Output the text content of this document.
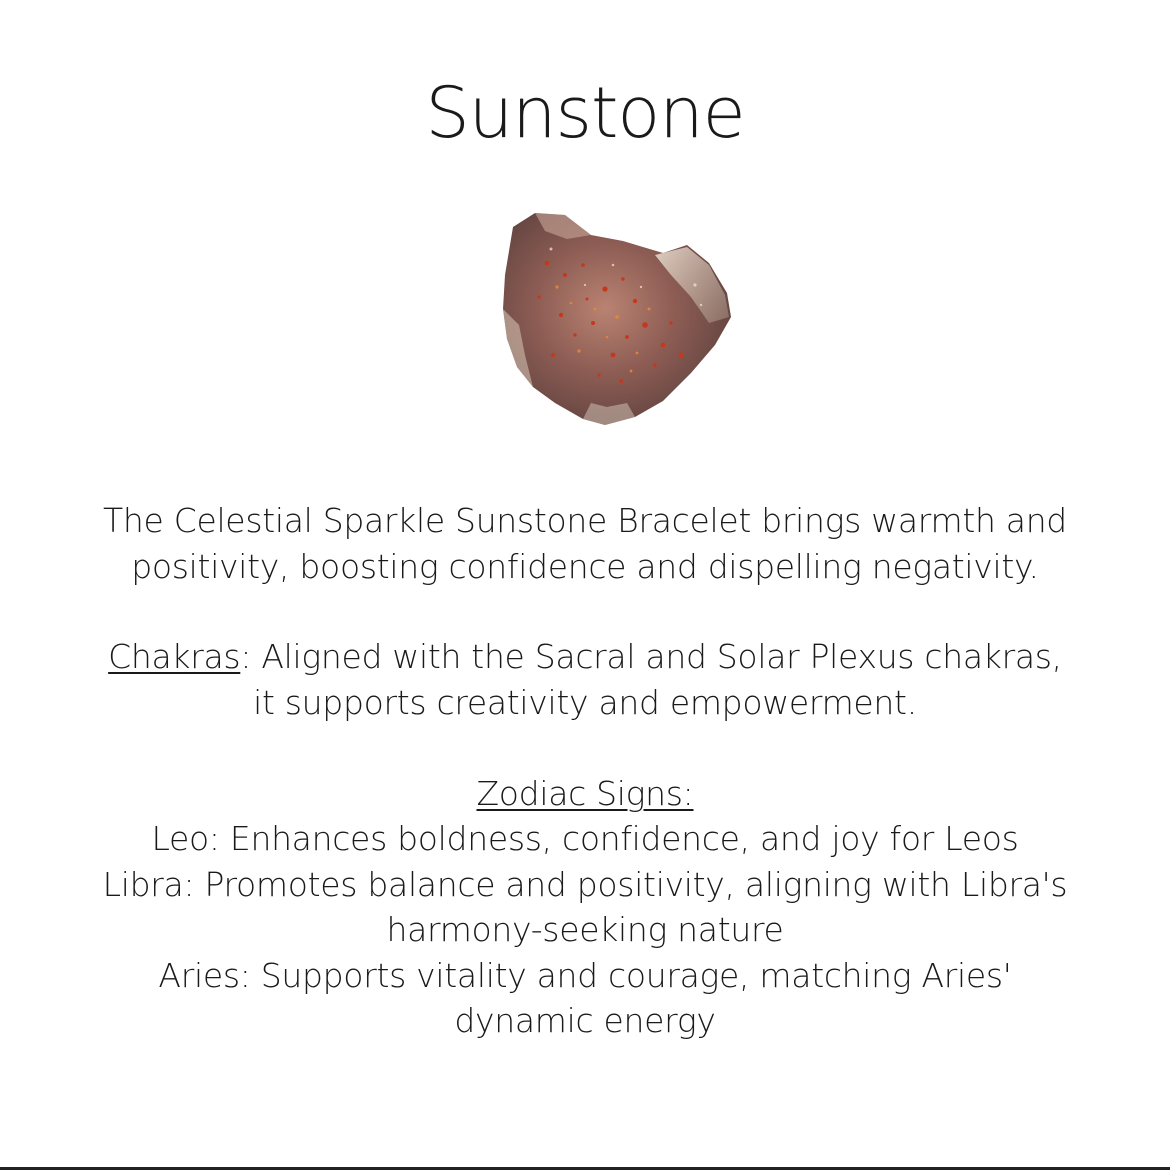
Sunstone
The Celestial Sparkle Sunstone Bracelet brings warmth and
positivity, boosting confidence and dispelling negativity.
Chakras: Aligned with the Sacral and Solar Plexus chakras,
it supports creativity and empowerment.
Zodiac Signs:
Leo: Enhances boldness, confidence, and joy for Leos
Libra: Promotes balance and positivity, aligning with Libra's
harmony-seeking nature
Aries: Supports vitality and courage, matching Aries'
dynamic energy
